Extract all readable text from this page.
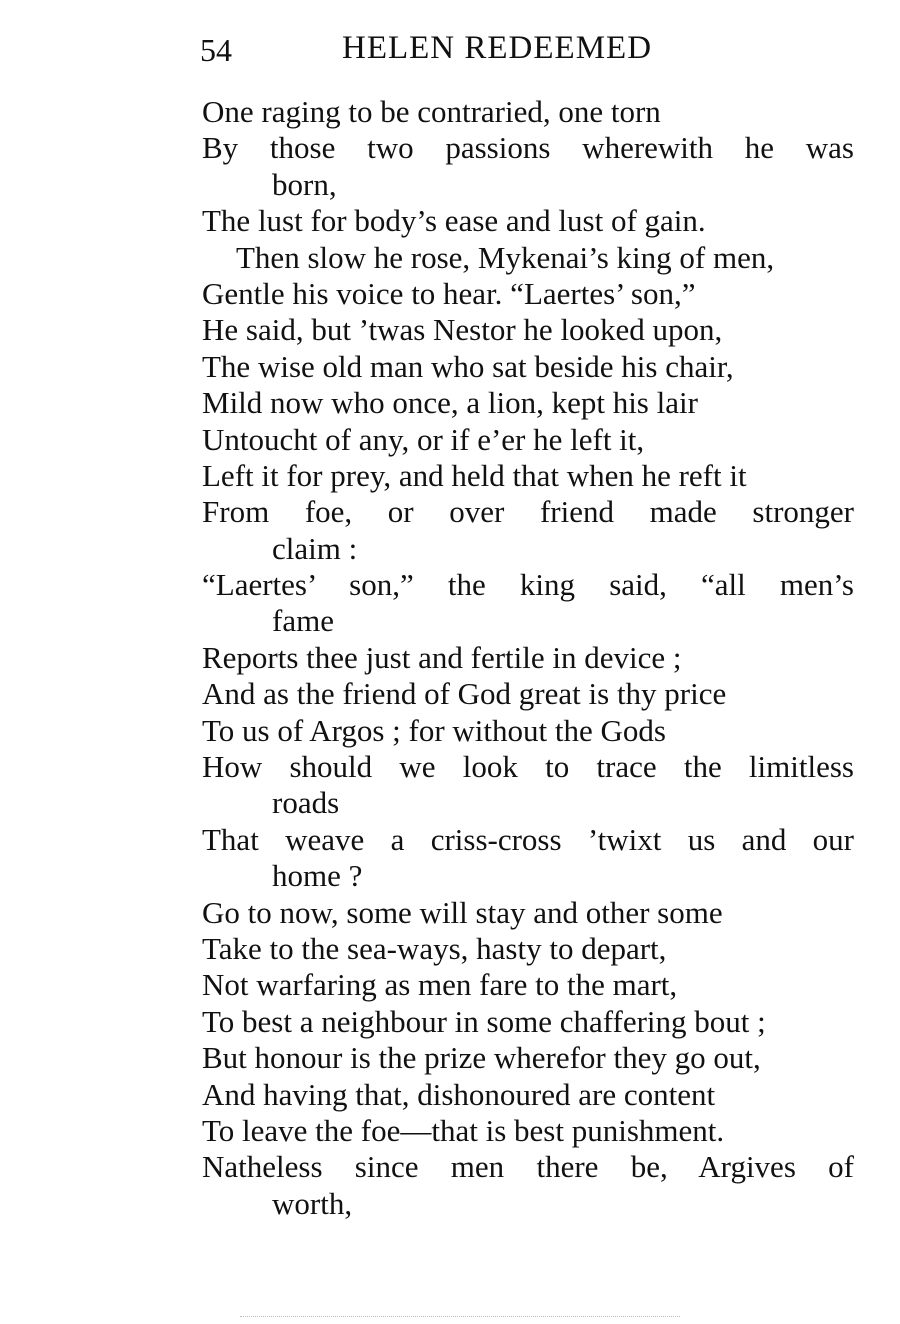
54	HELEN REDEEMED
One raging to be contraried, one torn
By those two passions wherewith he was
born,
The lust for body’s ease and lust of gain.
Then slow he rose, Mykenai’s king of men,
Gentle his voice to hear. “Laertes’ son,”
He said, but ’twas Nestor he looked upon,
The wise old man who sat beside his chair,
Mild now who once, a lion, kept his lair
Untoucht of any, or if e’er he left it,
Left it for prey, and held that when he reft it
From foe, or over friend made stronger
claim :
“Laertes’ son,” the king said, “all men’s
fame
Reports thee just and fertile in device ;
And as the friend of God great is thy price
To us of Argos ; for without the Gods
How should we look to trace the limitless
roads
That weave a criss-cross ’twixt us and our
home ?
Go to now, some will stay and other some
Take to the sea-ways, hasty to depart,
Not warfaring as men fare to the mart,
To best a neighbour in some chaffering bout ;
But honour is the prize wherefor they go out,
And having that, dishonoured are content
To leave the foe—that is best punishment.
Natheless since men there be, Argives of
worth,
